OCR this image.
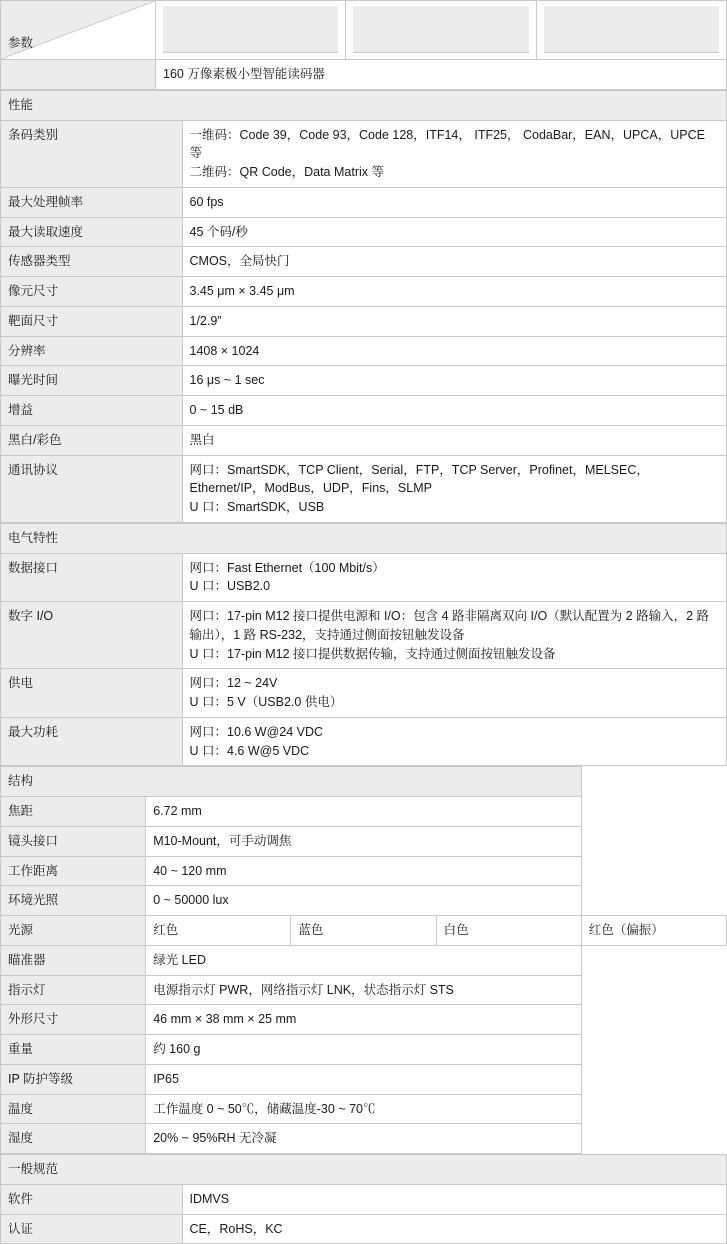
参数			

	160 万像素极小型智能读码器		
性能	
条码类别	一维码：Code 39，Code 93，Code 128，ITF14， ITF25， CodaBar，EAN，UPCA，UPCE 等
二维码：QR Code，Data Matrix 等

最大处理帧率	60 fps

最大读取速度	45 个码/秒

传感器类型	CMOS，全局快门

像元尺寸	3.45 μm × 3.45 μm

靶面尺寸	1/2.9”

分辨率	1408 × 1024

曝光时间	16 μs ~ 1 sec

增益	0 ~ 15 dB

黑白/彩色	黑白

通讯协议	网口：SmartSDK，TCP Client，Serial，FTP，TCP Server，Profinet，MELSEC，Ethernet/IP，ModBus，UDP，Fins，SLMP
U 口：SmartSDK，USB
电气特性	
数据接口	网口：Fast Ethernet（100 Mbit/s）
U 口：USB2.0

数字 I/O	网口：17-pin M12 接口提供电源和 I/O：包含 4 路非隔离双向 I/O（默认配置为 2 路输入，2 路输出），1 路 RS-232，支持通过侧面按钮触发设备
U 口：17-pin M12 接口提供数据传输，支持通过侧面按钮触发设备

供电	网口：12 ~ 24V
U 口：5 V（USB2.0 供电）

最大功耗	网口：10.6 W@24 VDC
U 口：4.6 W@5 VDC
结构				
焦距	6.72 mm			

镜头接口	M10-Mount，可手动调焦			

工作距离	40 ~ 120 mm			

环境光照	0 ~ 50000 lux			

光源	红色	蓝色	白色	红色（偏振）
瞄准器	绿光 LED			

指示灯	电源指示灯 PWR，网络指示灯 LNK，状态指示灯 STS			

外形尺寸	46 mm × 38 mm × 25 mm			

重量	约 160 g			

IP 防护等级	IP65			

温度	工作温度 0 ~ 50℃，储藏温度-30 ~ 70℃			

湿度	20% ~ 95%RH 无冷凝			
一般规范	
软件	IDMVS

认证	CE，RoHS，KC
